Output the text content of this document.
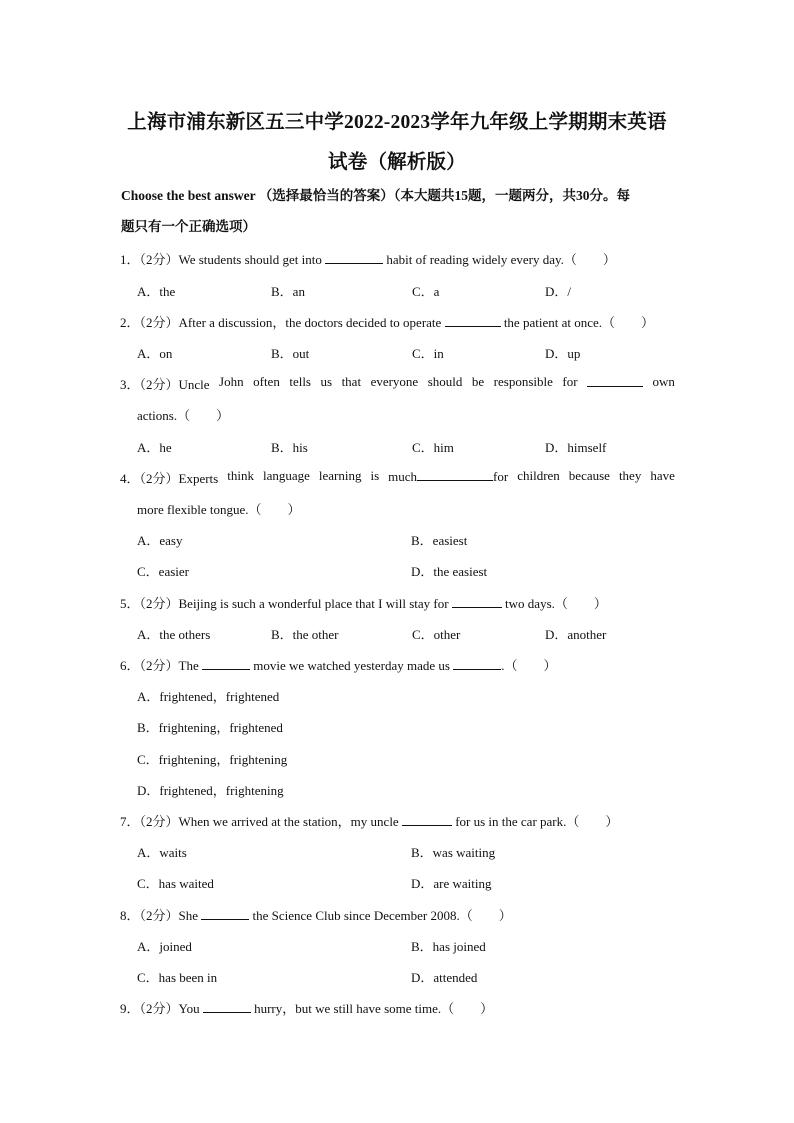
上海市浦东新区五三中学2022-2023学年九年级上学期期末英语
试卷（解析版）
Choose the best answer （选择最恰当的答案）（本大题共15题，一题两分，共30分。每
题只有一个正确选项）
1．（2分）We students should get into	habit of reading widely every day.（　　）
A．the	B．an	C．a	D．/
2．（2分）After a discussion，the doctors decided to operate	the patient at once.（　　）
A．on	B．out	C．in	D．up
3．（2分）Uncle John often tells us that everyone should be responsible for	own
actions.（　　）
A．he	B．his	C．him	D．himself
4．（2分）Experts think language learning is much	for children because they have
more flexible tongue.（　　）
A．easy	B．easiest
C．easier	D．the easiest
5．（2分）Beijing is such a wonderful place that I will stay for	two days.（　　）
A．the others	B．the other	C．other	D．another
6．（2分）The	movie we watched yesterday made us	.（　　）
A．frightened，frightened
B．frightening，frightened
C．frightening，frightening
D．frightened，frightening
7．（2分）When we arrived at the station，my uncle	for us in the car park.（　　）
A．waits	B．was waiting
C．has waited	D．are waiting
8．（2分）She	the Science Club since December 2008.（　　）
A．joined	B．has joined
C．has been in	D．attended
9．（2分）You	hurry，but we still have some time.（　　）
